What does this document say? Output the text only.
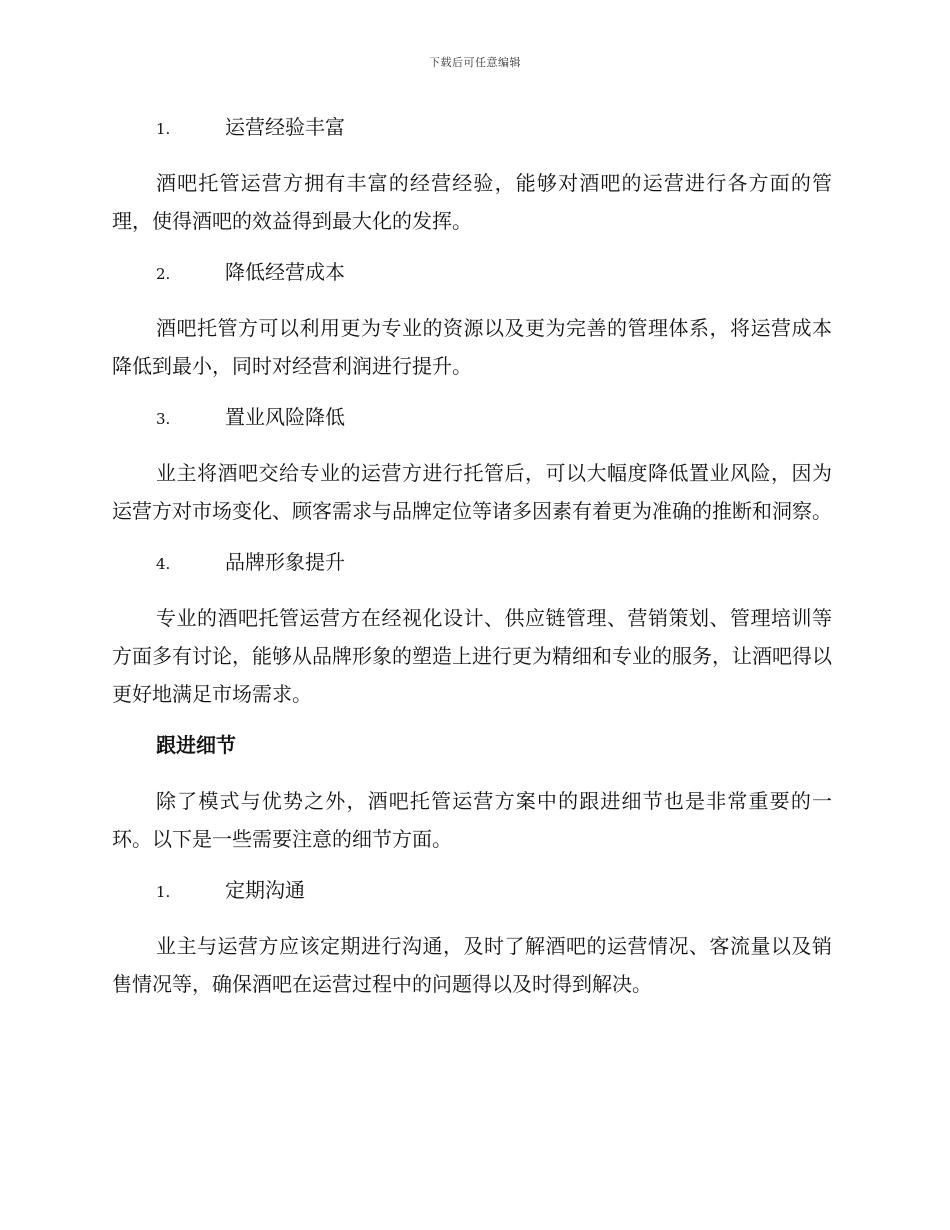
下载后可任意编辑
1.	运营经验丰富

酒吧托管运营方拥有丰富的经营经验，能够对酒吧的运营进行各方面的管理，使得酒吧的效益得到最大化的发挥。

2.	降低经营成本

酒吧托管方可以利用更为专业的资源以及更为完善的管理体系，将运营成本降低到最小，同时对经营利润进行提升。

3.	置业风险降低

业主将酒吧交给专业的运营方进行托管后，可以大幅度降低置业风险，因为运营方对市场变化、顾客需求与品牌定位等诸多因素有着更为准确的推断和洞察。

4.	品牌形象提升

专业的酒吧托管运营方在经视化设计、供应链管理、营销策划、管理培训等方面多有讨论，能够从品牌形象的塑造上进行更为精细和专业的服务，让酒吧得以更好地满足市场需求。

跟进细节

除了模式与优势之外，酒吧托管运营方案中的跟进细节也是非常重要的一环。以下是一些需要注意的细节方面。

1.	定期沟通

业主与运营方应该定期进行沟通，及时了解酒吧的运营情况、客流量以及销售情况等，确保酒吧在运营过程中的问题得以及时得到解决。
